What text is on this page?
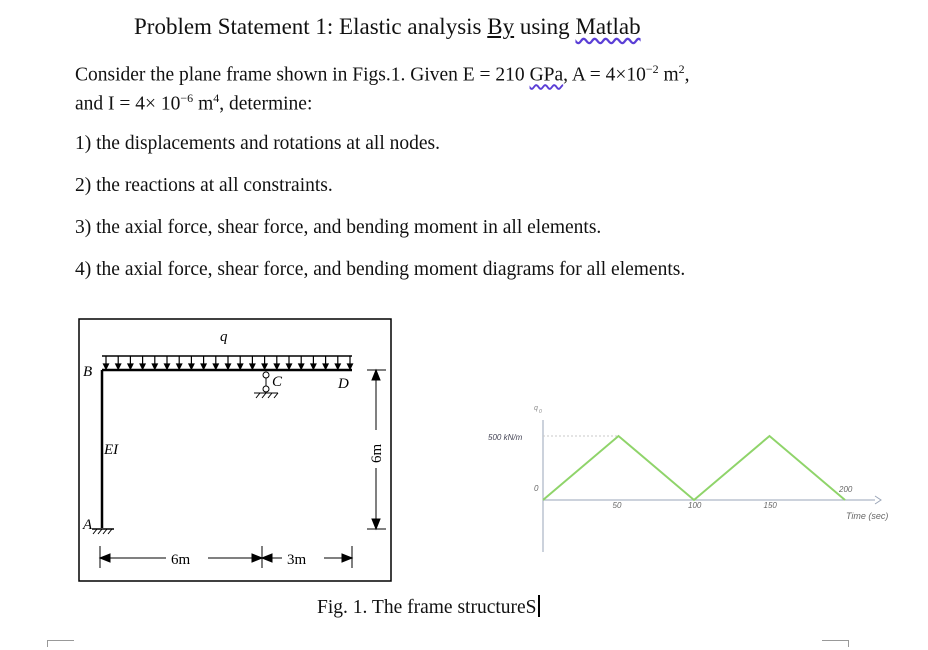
Problem Statement 1: Elastic analysis By using Matlab
Consider the plane frame shown in Figs.1. Given E = 210 GPa, $A = 4\times 10^{-2}$ $m^2$,
and $I = 4\times 10^{-6}$ $m^4$, determine:
1) the displacements and rotations at all nodes.
2) the reactions at all constraints.
3) the axial force, shear force, and bending moment in all elements.
4) the axial force, shear force, and bending moment diagrams for all elements.
q
B
C	D
EI
A
6m	3m
6m
q 0
500 kN/m
0
Time (sec)
50	100	150
200
Fig. 1. The frame structureS
